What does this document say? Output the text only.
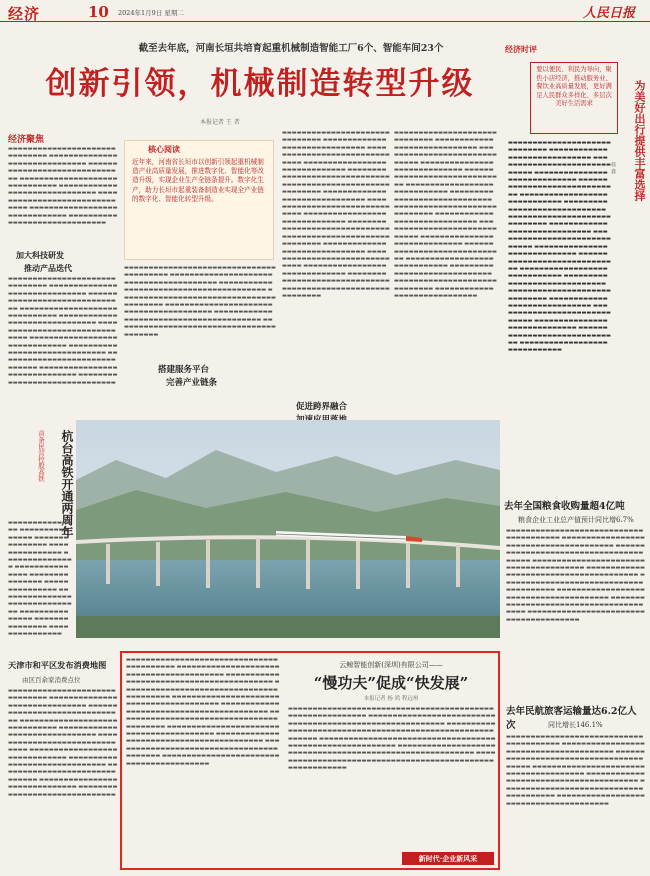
经济	10 2024年1月9日 星期二	人民日报
截至去年底，河南长垣共培育起重机械制造智能工厂6个、智能车间23个
创新引领，机械制造转型升级
本报记者 王 者
▬▬▬▬▬▬▬▬▬▬▬▬▬▬▬▬▬▬▬▬▬▬▬▬▬▬▬▬▬▬ ▬▬▬▬▬▬▬▬▬▬▬▬▬▬▬▬▬▬▬▬▬▬▬▬▬▬▬▬▬▬ ▬▬▬▬▬▬▬▬▬▬▬▬▬▬▬▬▬▬▬▬▬▬▬▬▬▬▬▬▬▬ ▬▬▬▬▬▬▬▬▬▬▬▬▬▬▬▬▬▬▬▬▬▬▬▬▬▬▬▬▬▬ ▬▬▬▬▬▬▬▬▬▬▬▬▬▬▬▬▬▬▬▬▬▬▬▬▬▬▬▬▬▬ ▬▬▬▬▬▬▬▬▬▬▬▬▬▬▬▬▬▬▬▬▬▬▬▬▬▬▬▬▬▬ ▬▬▬▬▬▬▬▬▬▬▬▬▬▬▬▬▬▬▬▬▬▬▬▬▬▬▬▬▬▬ ▬▬▬▬▬▬▬▬▬▬▬▬▬▬▬▬▬▬▬▬▬▬▬▬▬▬▬▬▬▬
▬▬▬▬▬▬▬▬▬▬▬▬▬▬▬▬▬▬▬▬▬▬▬▬▬▬▬▬▬▬ ▬▬▬▬▬▬▬▬▬▬▬▬▬▬▬▬▬▬▬▬▬▬▬▬▬▬▬▬▬▬ ▬▬▬▬▬▬▬▬▬▬▬▬▬▬▬▬▬▬▬▬▬▬▬▬▬▬▬▬▬▬ ▬▬▬▬▬▬▬▬▬▬▬▬▬▬▬▬▬▬▬▬▬▬▬▬▬▬▬▬▬▬ ▬▬▬▬▬▬▬▬▬▬▬▬▬▬▬▬▬▬▬▬▬▬▬▬▬▬▬▬▬▬ ▬▬▬▬▬▬▬▬▬▬▬▬▬▬▬▬▬▬▬▬▬▬▬▬▬▬▬▬▬▬ ▬▬▬▬▬▬▬▬▬▬▬▬▬▬▬▬▬▬▬▬▬▬▬▬▬▬▬▬▬▬ ▬▬▬▬▬▬▬▬▬▬▬▬▬▬▬▬▬▬▬▬▬▬▬▬▬▬▬▬▬▬ ▬▬▬▬▬▬▬▬▬▬▬▬▬▬▬▬▬▬▬▬▬▬▬▬▬▬▬▬▬▬ ▬▬▬▬▬▬▬▬▬▬▬▬▬▬▬▬▬▬▬▬▬▬▬▬▬▬▬▬▬▬ ▬▬▬▬▬▬▬▬▬▬▬▬▬▬▬▬▬▬▬▬▬▬▬▬▬▬▬▬▬▬
▬▬▬▬▬▬▬▬▬▬▬▬▬▬▬▬▬▬▬▬▬▬▬▬▬▬▬▬▬▬▬▬▬▬▬▬▬▬▬▬ ▬▬▬▬▬▬▬▬▬▬▬▬▬▬▬▬▬▬▬▬▬▬▬▬▬▬▬▬▬▬▬▬▬▬▬▬▬▬▬▬ ▬▬▬▬▬▬▬▬▬▬▬▬▬▬▬▬▬▬▬▬▬▬▬▬▬▬▬▬▬▬▬▬▬▬▬▬▬▬▬▬ ▬▬▬▬▬▬▬▬▬▬▬▬▬▬▬▬▬▬▬▬▬▬▬▬▬▬▬▬▬▬▬▬▬▬▬▬▬▬▬▬ ▬▬▬▬▬▬▬▬▬▬▬▬▬▬▬▬▬▬▬▬▬▬▬▬▬▬▬▬▬▬▬▬▬▬▬▬▬▬▬▬ ▬▬▬▬▬▬▬▬▬▬▬▬▬▬▬▬▬▬▬▬▬▬▬▬▬▬▬▬▬▬▬▬▬▬▬▬▬▬▬▬ ▬▬▬▬▬▬▬▬▬▬▬▬▬▬▬▬▬▬▬▬▬▬▬▬▬▬▬▬▬▬▬▬▬▬▬▬▬▬▬▬
▬▬▬▬▬▬▬▬▬▬▬▬▬▬▬▬▬▬▬▬▬▬▬▬▬▬▬▬▬▬ ▬▬▬▬▬▬▬▬▬▬▬▬▬▬▬▬▬▬▬▬▬▬▬▬▬▬▬▬▬▬ ▬▬▬▬▬▬▬▬▬▬▬▬▬▬▬▬▬▬▬▬▬▬▬▬▬▬▬▬▬▬ ▬▬▬▬▬▬▬▬▬▬▬▬▬▬▬▬▬▬▬▬▬▬▬▬▬▬▬▬▬▬ ▬▬▬▬▬▬▬▬▬▬▬▬▬▬▬▬▬▬▬▬▬▬▬▬▬▬▬▬▬▬ ▬▬▬▬▬▬▬▬▬▬▬▬▬▬▬▬▬▬▬▬▬▬▬▬▬▬▬▬▬▬ ▬▬▬▬▬▬▬▬▬▬▬▬▬▬▬▬▬▬▬▬▬▬▬▬▬▬▬▬▬▬ ▬▬▬▬▬▬▬▬▬▬▬▬▬▬▬▬▬▬▬▬▬▬▬▬▬▬▬▬▬▬ ▬▬▬▬▬▬▬▬▬▬▬▬▬▬▬▬▬▬▬▬▬▬▬▬▬▬▬▬▬▬ ▬▬▬▬▬▬▬▬▬▬▬▬▬▬▬▬▬▬▬▬▬▬▬▬▬▬▬▬▬▬ ▬▬▬▬▬▬▬▬▬▬▬▬▬▬▬▬▬▬▬▬▬▬▬▬▬▬▬▬▬▬ ▬▬▬▬▬▬▬▬▬▬▬▬▬▬▬▬▬▬▬▬▬▬▬▬▬▬▬▬▬▬ ▬▬▬▬▬▬▬▬▬▬▬▬▬▬▬▬▬▬▬▬▬▬▬▬▬▬▬▬▬▬ ▬▬▬▬▬▬▬▬▬▬▬▬▬▬▬▬▬▬▬▬▬▬▬▬▬▬▬▬▬▬ ▬▬▬▬▬▬▬▬▬▬▬▬▬▬▬▬▬▬▬▬▬▬▬▬▬▬▬▬▬▬ ▬▬▬▬▬▬▬▬▬▬▬▬▬▬▬▬▬▬▬▬▬▬▬▬▬▬▬▬▬▬
▬▬▬▬▬▬▬▬▬▬▬▬▬▬▬▬▬▬▬▬▬▬▬▬▬▬▬▬▬ ▬▬▬▬▬▬▬▬▬▬▬▬▬▬▬▬▬▬▬▬▬▬▬▬▬▬▬▬▬ ▬▬▬▬▬▬▬▬▬▬▬▬▬▬▬▬▬▬▬▬▬▬▬▬▬▬▬▬▬ ▬▬▬▬▬▬▬▬▬▬▬▬▬▬▬▬▬▬▬▬▬▬▬▬▬▬▬▬▬ ▬▬▬▬▬▬▬▬▬▬▬▬▬▬▬▬▬▬▬▬▬▬▬▬▬▬▬▬▬ ▬▬▬▬▬▬▬▬▬▬▬▬▬▬▬▬▬▬▬▬▬▬▬▬▬▬▬▬▬ ▬▬▬▬▬▬▬▬▬▬▬▬▬▬▬▬▬▬▬▬▬▬▬▬▬▬▬▬▬ ▬▬▬▬▬▬▬▬▬▬▬▬▬▬▬▬▬▬▬▬▬▬▬▬▬▬▬▬▬ ▬▬▬▬▬▬▬▬▬▬▬▬▬▬▬▬▬▬▬▬▬▬▬▬▬▬▬▬▬ ▬▬▬▬▬▬▬▬▬▬▬▬▬▬▬▬▬▬▬▬▬▬▬▬▬▬▬▬▬ ▬▬▬▬▬▬▬▬▬▬▬▬▬▬▬▬▬▬▬▬▬▬▬▬▬▬▬▬▬ ▬▬▬▬▬▬▬▬▬▬▬▬▬▬▬▬▬▬▬▬▬▬▬▬▬▬▬▬▬ ▬▬▬▬▬▬▬▬▬▬▬▬▬▬▬▬▬▬▬▬▬▬▬▬▬▬▬▬▬ ▬▬▬▬▬▬▬▬▬▬▬▬▬▬▬▬▬▬▬▬▬▬▬▬▬▬▬▬▬ ▬▬▬▬▬▬▬▬▬▬▬▬▬▬▬▬▬▬▬▬▬▬▬▬▬▬▬▬▬ ▬▬▬▬▬▬▬▬▬▬▬▬▬▬▬▬▬▬▬▬▬▬▬▬▬▬▬▬▬
经济聚焦
加大科技研发
推动产品迭代
核心阅读
近年来，河南省长垣市以创新引领起重机械制造产业高质量发展，推进数字化、智能化等改造升级，实现企业生产全链条提升。数字化生产，助力长垣市起重装备制造业实现全产业链的数字化、智能化转型升级。
搭建服务平台
完善产业链条
促进跨界融合
经济时评
要以便民、利民为导向，聚焦小店经济，推动服务业、餐饮业高质量发展，更好满足人民群众多样化、多层次美好生活需求	为美好出行提供丰富选择
韩 鑫
▬▬▬▬▬▬▬▬▬▬▬▬▬▬▬▬▬▬▬▬▬▬▬▬▬▬▬▬▬ ▬▬▬▬▬▬▬▬▬▬▬▬▬▬▬▬▬▬▬▬▬▬▬▬▬▬▬▬▬ ▬▬▬▬▬▬▬▬▬▬▬▬▬▬▬▬▬▬▬▬▬▬▬▬▬▬▬▬▬ ▬▬▬▬▬▬▬▬▬▬▬▬▬▬▬▬▬▬▬▬▬▬▬▬▬▬▬▬▬ ▬▬▬▬▬▬▬▬▬▬▬▬▬▬▬▬▬▬▬▬▬▬▬▬▬▬▬▬▬ ▬▬▬▬▬▬▬▬▬▬▬▬▬▬▬▬▬▬▬▬▬▬▬▬▬▬▬▬▬ ▬▬▬▬▬▬▬▬▬▬▬▬▬▬▬▬▬▬▬▬▬▬▬▬▬▬▬▬▬ ▬▬▬▬▬▬▬▬▬▬▬▬▬▬▬▬▬▬▬▬▬▬▬▬▬▬▬▬▬ ▬▬▬▬▬▬▬▬▬▬▬▬▬▬▬▬▬▬▬▬▬▬▬▬▬▬▬▬▬ ▬▬▬▬▬▬▬▬▬▬▬▬▬▬▬▬▬▬▬▬▬▬▬▬▬▬▬▬▬ ▬▬▬▬▬▬▬▬▬▬▬▬▬▬▬▬▬▬▬▬▬▬▬▬▬▬▬▬▬ ▬▬▬▬▬▬▬▬▬▬▬▬▬▬▬▬▬▬▬▬▬▬▬▬▬▬▬▬▬ ▬▬▬▬▬▬▬▬▬▬▬▬▬▬▬▬▬▬▬▬▬▬▬▬▬▬▬▬▬ ▬▬▬▬▬▬▬▬▬▬▬▬▬▬▬▬▬▬▬▬▬▬▬▬▬▬▬▬▬ ▬▬▬▬▬▬▬▬▬▬▬▬▬▬▬▬▬▬▬▬▬▬▬▬▬▬▬▬▬ ▬▬▬▬▬▬▬▬▬▬▬▬▬▬▬▬▬▬▬▬▬▬▬▬▬▬▬▬▬ ▬▬▬▬▬▬▬▬▬▬▬▬▬▬▬▬▬▬▬▬▬▬▬▬▬▬▬▬▬ ▬▬▬▬▬▬▬▬▬▬▬▬▬▬▬▬▬▬▬▬▬▬▬▬▬▬▬▬▬ ▬▬▬▬▬▬▬▬▬▬▬▬▬▬▬▬▬▬▬▬▬▬▬▬▬▬▬▬▬ ▬▬▬▬▬▬▬▬▬▬▬▬▬▬▬▬▬▬▬▬▬▬▬▬▬▬▬▬▬
首条民营控股高铁	杭台高铁开通两周年
▬▬▬▬▬▬▬▬▬▬▬▬▬▬▬ ▬▬▬▬▬▬▬▬▬▬▬▬▬▬▬ ▬▬▬▬▬▬▬▬▬▬▬▬▬▬▬ ▬▬▬▬▬▬▬▬▬▬▬▬▬▬▬ ▬▬▬▬▬▬▬▬▬▬▬▬▬▬▬ ▬▬▬▬▬▬▬▬▬▬▬▬▬▬▬ ▬▬▬▬▬▬▬▬▬▬▬▬▬▬▬ ▬▬▬▬▬▬▬▬▬▬▬▬▬▬▬ ▬▬▬▬▬▬▬▬▬▬▬▬▬▬▬ ▬▬▬▬▬▬▬▬▬▬▬▬▬▬▬ ▬▬▬▬▬▬▬▬▬▬▬▬▬▬▬ ▬▬▬▬▬▬▬▬▬▬▬▬▬▬▬ ▬▬▬▬▬▬▬▬▬▬▬▬▬▬▬
去年全国粮食收购量超4亿吨
粮食企业工业总产值预计同比增6.7%
▬▬▬▬▬▬▬▬▬▬▬▬▬▬▬▬▬▬▬▬▬▬▬▬▬▬▬▬▬▬▬▬▬▬▬▬▬▬▬ ▬▬▬▬▬▬▬▬▬▬▬▬▬▬▬▬▬▬▬▬▬▬▬▬▬▬▬▬▬▬▬▬▬▬▬▬▬▬▬ ▬▬▬▬▬▬▬▬▬▬▬▬▬▬▬▬▬▬▬▬▬▬▬▬▬▬▬▬▬▬▬▬▬▬▬▬▬▬▬ ▬▬▬▬▬▬▬▬▬▬▬▬▬▬▬▬▬▬▬▬▬▬▬▬▬▬▬▬▬▬▬▬▬▬▬▬▬▬▬ ▬▬▬▬▬▬▬▬▬▬▬▬▬▬▬▬▬▬▬▬▬▬▬▬▬▬▬▬▬▬▬▬▬▬▬▬▬▬▬ ▬▬▬▬▬▬▬▬▬▬▬▬▬▬▬▬▬▬▬▬▬▬▬▬▬▬▬▬▬▬▬▬▬▬▬▬▬▬▬ ▬▬▬▬▬▬▬▬▬▬▬▬▬▬▬▬▬▬▬▬▬▬▬▬▬▬▬▬▬▬▬▬▬▬▬▬▬▬▬ ▬▬▬▬▬▬▬▬▬▬▬▬▬▬▬▬▬▬▬▬▬▬▬▬▬▬▬▬▬▬▬▬▬▬▬▬▬▬▬ ▬▬▬▬▬▬▬▬▬▬▬▬▬▬▬▬▬▬▬▬▬▬▬▬▬▬▬▬▬▬▬▬▬▬▬▬▬▬▬
去年民航旅客运输量达6.2亿人次	同比增长146.1%
▬▬▬▬▬▬▬▬▬▬▬▬▬▬▬▬▬▬▬▬▬▬▬▬▬▬▬▬▬▬▬▬▬▬▬▬▬▬▬ ▬▬▬▬▬▬▬▬▬▬▬▬▬▬▬▬▬▬▬▬▬▬▬▬▬▬▬▬▬▬▬▬▬▬▬▬▬▬▬ ▬▬▬▬▬▬▬▬▬▬▬▬▬▬▬▬▬▬▬▬▬▬▬▬▬▬▬▬▬▬▬▬▬▬▬▬▬▬▬ ▬▬▬▬▬▬▬▬▬▬▬▬▬▬▬▬▬▬▬▬▬▬▬▬▬▬▬▬▬▬▬▬▬▬▬▬▬▬▬ ▬▬▬▬▬▬▬▬▬▬▬▬▬▬▬▬▬▬▬▬▬▬▬▬▬▬▬▬▬▬▬▬▬▬▬▬▬▬▬ ▬▬▬▬▬▬▬▬▬▬▬▬▬▬▬▬▬▬▬▬▬▬▬▬▬▬▬▬▬▬▬▬▬▬▬▬▬▬▬ ▬▬▬▬▬▬▬▬▬▬▬▬▬▬▬▬▬▬▬▬▬▬▬▬▬▬▬▬▬▬▬▬▬▬▬▬▬▬▬
天津市和平区发布消费地图
由区百余家消费点位
▬▬▬▬▬▬▬▬▬▬▬▬▬▬▬▬▬▬▬▬▬▬▬▬▬▬▬▬▬▬ ▬▬▬▬▬▬▬▬▬▬▬▬▬▬▬▬▬▬▬▬▬▬▬▬▬▬▬▬▬▬ ▬▬▬▬▬▬▬▬▬▬▬▬▬▬▬▬▬▬▬▬▬▬▬▬▬▬▬▬▬▬ ▬▬▬▬▬▬▬▬▬▬▬▬▬▬▬▬▬▬▬▬▬▬▬▬▬▬▬▬▬▬ ▬▬▬▬▬▬▬▬▬▬▬▬▬▬▬▬▬▬▬▬▬▬▬▬▬▬▬▬▬▬ ▬▬▬▬▬▬▬▬▬▬▬▬▬▬▬▬▬▬▬▬▬▬▬▬▬▬▬▬▬▬ ▬▬▬▬▬▬▬▬▬▬▬▬▬▬▬▬▬▬▬▬▬▬▬▬▬▬▬▬▬▬ ▬▬▬▬▬▬▬▬▬▬▬▬▬▬▬▬▬▬▬▬▬▬▬▬▬▬▬▬▬▬ ▬▬▬▬▬▬▬▬▬▬▬▬▬▬▬▬▬▬▬▬▬▬▬▬▬▬▬▬▬▬ ▬▬▬▬▬▬▬▬▬▬▬▬▬▬▬▬▬▬▬▬▬▬▬▬▬▬▬▬▬▬ ▬▬▬▬▬▬▬▬▬▬▬▬▬▬▬▬▬▬▬▬▬▬▬▬▬▬▬▬▬▬
▬▬▬▬▬▬▬▬▬▬▬▬▬▬▬▬▬▬▬▬▬▬▬▬▬▬▬▬▬▬▬▬▬▬▬▬▬▬▬▬▬ ▬▬▬▬▬▬▬▬▬▬▬▬▬▬▬▬▬▬▬▬▬▬▬▬▬▬▬▬▬▬▬▬▬▬▬▬▬▬▬▬▬ ▬▬▬▬▬▬▬▬▬▬▬▬▬▬▬▬▬▬▬▬▬▬▬▬▬▬▬▬▬▬▬▬▬▬▬▬▬▬▬▬▬ ▬▬▬▬▬▬▬▬▬▬▬▬▬▬▬▬▬▬▬▬▬▬▬▬▬▬▬▬▬▬▬▬▬▬▬▬▬▬▬▬▬ ▬▬▬▬▬▬▬▬▬▬▬▬▬▬▬▬▬▬▬▬▬▬▬▬▬▬▬▬▬▬▬▬▬▬▬▬▬▬▬▬▬ ▬▬▬▬▬▬▬▬▬▬▬▬▬▬▬▬▬▬▬▬▬▬▬▬▬▬▬▬▬▬▬▬▬▬▬▬▬▬▬▬▬ ▬▬▬▬▬▬▬▬▬▬▬▬▬▬▬▬▬▬▬▬▬▬▬▬▬▬▬▬▬▬▬▬▬▬▬▬▬▬▬▬▬ ▬▬▬▬▬▬▬▬▬▬▬▬▬▬▬▬▬▬▬▬▬▬▬▬▬▬▬▬▬▬▬▬▬▬▬▬▬▬▬▬▬ ▬▬▬▬▬▬▬▬▬▬▬▬▬▬▬▬▬▬▬▬▬▬▬▬▬▬▬▬▬▬▬▬▬▬▬▬▬▬▬▬▬ ▬▬▬▬▬▬▬▬▬▬▬▬▬▬▬▬▬▬▬▬▬▬▬▬▬▬▬▬▬▬▬▬▬▬▬▬▬▬▬▬▬ ▬▬▬▬▬▬▬▬▬▬▬▬▬▬▬▬▬▬▬▬▬▬▬▬▬▬▬▬▬▬▬▬▬▬▬▬▬▬▬▬▬
云鲸智能创新(深圳)有限公司——
“慢功夫”促成“快发展”
本报记者 杨 鸿 程远州
▬▬▬▬▬▬▬▬▬▬▬▬▬▬▬▬▬▬▬▬▬▬▬▬▬▬▬▬▬▬▬▬▬▬▬▬▬▬▬▬▬▬▬▬▬▬▬▬▬▬▬▬▬▬▬▬▬▬ ▬▬▬▬▬▬▬▬▬▬▬▬▬▬▬▬▬▬▬▬▬▬▬▬▬▬▬▬▬▬▬▬▬▬▬▬▬▬▬▬▬▬▬▬▬▬▬▬▬▬▬▬▬▬▬▬▬▬ ▬▬▬▬▬▬▬▬▬▬▬▬▬▬▬▬▬▬▬▬▬▬▬▬▬▬▬▬▬▬▬▬▬▬▬▬▬▬▬▬▬▬▬▬▬▬▬▬▬▬▬▬▬▬▬▬▬▬ ▬▬▬▬▬▬▬▬▬▬▬▬▬▬▬▬▬▬▬▬▬▬▬▬▬▬▬▬▬▬▬▬▬▬▬▬▬▬▬▬▬▬▬▬▬▬▬▬▬▬▬▬▬▬▬▬▬▬ ▬▬▬▬▬▬▬▬▬▬▬▬▬▬▬▬▬▬▬▬▬▬▬▬▬▬▬▬▬▬▬▬▬▬▬▬▬▬▬▬▬▬▬▬▬▬▬▬▬▬▬▬▬▬▬▬▬▬ ▬▬▬▬▬▬▬▬▬▬▬▬▬▬▬▬▬▬▬▬▬▬▬▬▬▬▬▬▬▬▬▬▬▬▬▬▬▬▬▬▬▬▬▬▬▬▬▬▬▬▬▬▬▬▬▬▬▬
新时代·企业新风采
